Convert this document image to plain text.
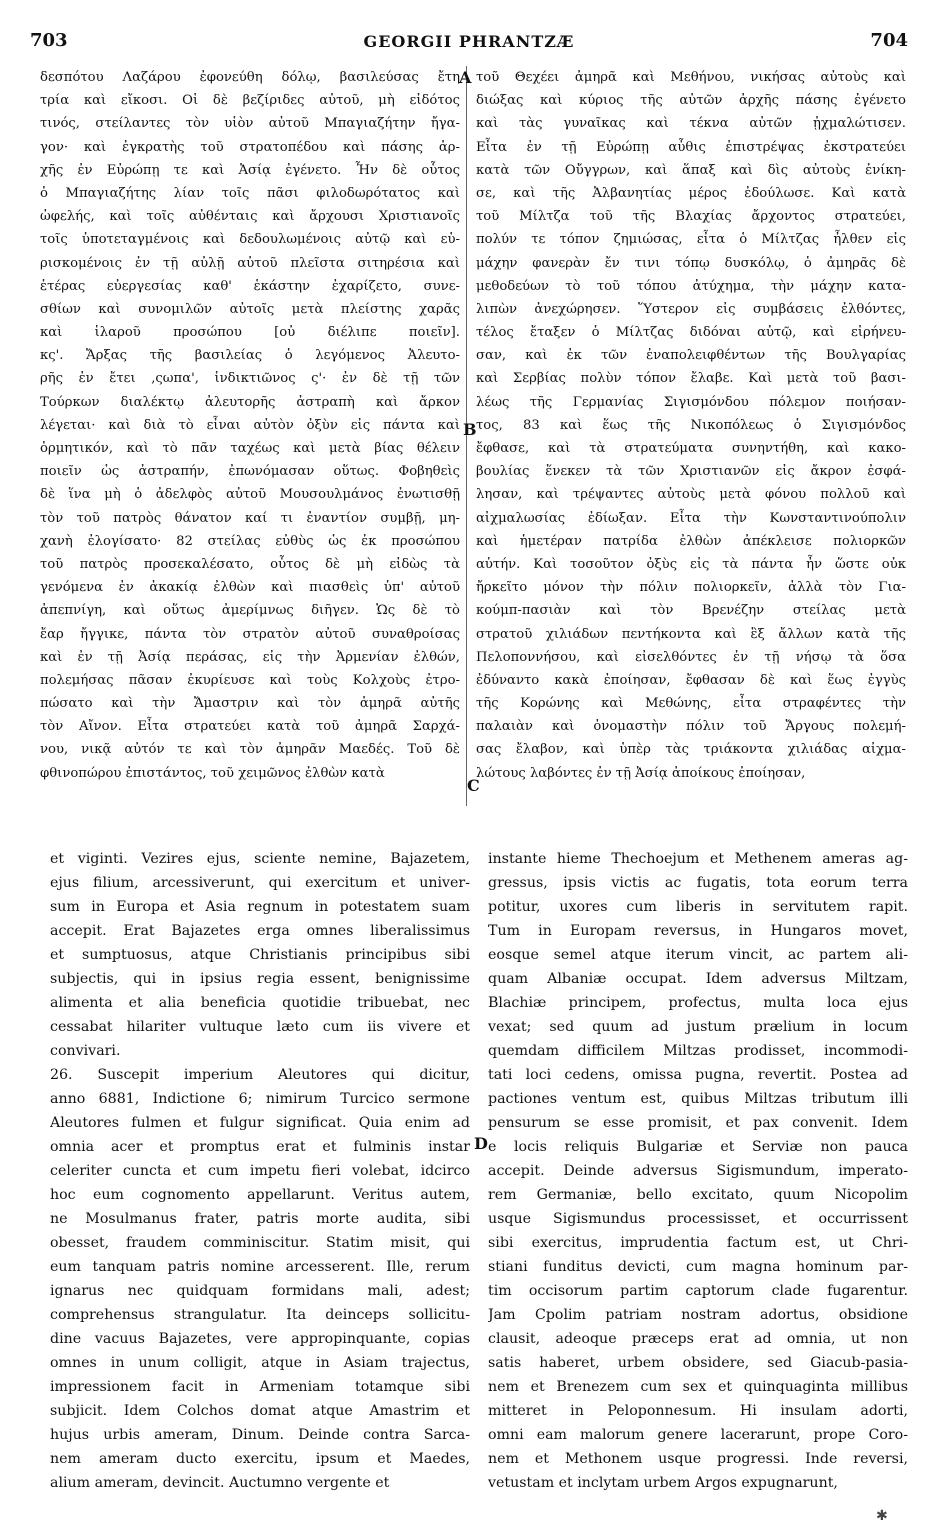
703	GEORGII PHRANTZÆ	704
δεσπότου Λαζάρου ἐφονεύθη δόλῳ, βασιλεύσας ἔτη
τρία καὶ εἴκοσι. Οἱ δὲ βεζίριδες αὐτοῦ, μὴ εἰδότος
τινός, στείλαντες τὸν υἱὸν αὐτοῦ Μπαγιαζήτην ἤγα-
γον· καὶ ἐγκρατὴς τοῦ στρατοπέδου καὶ πάσης ἀρ-
χῆς ἐν Εὐρώπῃ τε καὶ Ἀσίᾳ ἐγένετο. Ἦν δὲ οὗτος
ὁ Μπαγιαζήτης λίαν τοῖς πᾶσι φιλοδωρότατος καὶ
ὠφελής, καὶ τοῖς αὐθένταις καὶ ἄρχουσι Χριστιανοῖς
τοῖς ὑποτεταγμένοις καὶ δεδουλωμένοις αὐτῷ καὶ εὑ-
ρισκομένοις ἐν τῇ αὐλῇ αὐτοῦ πλεῖστα σιτηρέσια καὶ
ἑτέρας εὐεργεσίας καθ' ἑκάστην ἐχαρίζετο, συνε-
σθίων καὶ συνομιλῶν αὐτοῖς μετὰ πλείστης χαρᾶς
καὶ ἱλαροῦ προσώπου [οὐ διέλιπε ποιεῖν].
κς'. Ἄρξας τῆς βασιλείας ὁ λεγόμενος Ἀλευτο-
ρῆς ἐν ἔτει ,ςωπα', ἰνδικτιῶνος ς'· ἐν δὲ τῇ τῶν
Τούρκων διαλέκτῳ ἀλευτορῆς ἀστραπὴ καὶ ἄρκον
λέγεται· καὶ διὰ τὸ εἶναι αὐτὸν ὀξὺν εἰς πάντα καὶ
ὁρμητικόν, καὶ τὸ πᾶν ταχέως καὶ μετὰ βίας θέλειν
ποιεῖν ὡς ἀστραπήν, ἐπωνόμασαν οὕτως. Φοβηθεὶς
δὲ ἵνα μὴ ὁ ἀδελφὸς αὐτοῦ Μουσουλμάνος ἐνωτισθῇ
τὸν τοῦ πατρὸς θάνατον καί τι ἐναντίον συμβῇ, μη-
χανὴ ἐλογίσατο· 82 στείλας εὐθὺς ὡς ἐκ προσώπου
τοῦ πατρὸς προσεκαλέσατο, οὗτος δὲ μὴ εἰδὼς τὰ
γενόμενα ἐν ἀκακίᾳ ἐλθὼν καὶ πιασθεὶς ὑπ' αὐτοῦ
ἀπεπνίγη, καὶ οὕτως ἀμερίμνως διῆγεν. Ὡς δὲ τὸ
ἔαρ ἤγγικε, πάντα τὸν στρατὸν αὐτοῦ συναθροίσας
καὶ ἐν τῇ Ἀσίᾳ περάσας, εἰς τὴν Ἀρμενίαν ἐλθών,
πολεμήσας πᾶσαν ἐκυρίευσε καὶ τοὺς Κολχοὺς ἐτρο-
πώσατο καὶ τὴν Ἄμαστριν καὶ τὸν ἀμηρᾶ αὐτῆς
τὸν Αἴνον. Εἶτα στρατεύει κατὰ τοῦ ἀμηρᾶ Σαρχά-
νου, νικᾷ αὐτόν τε καὶ τὸν ἀμηρᾶν Μαεδές. Τοῦ δὲ
φθινοπώρου ἐπιστάντος, τοῦ χειμῶνος ἐλθὼν κατὰ
τοῦ Θεχέει ἀμηρᾶ καὶ Μεθήνου, νικήσας αὐτοὺς καὶ
διώξας καὶ κύριος τῆς αὐτῶν ἀρχῆς πάσης ἐγένετο
καὶ τὰς γυναῖκας καὶ τέκνα αὐτῶν ᾐχμαλώτισεν.
Εἶτα ἐν τῇ Εὐρώπῃ αὖθις ἐπιστρέψας ἐκστρατεύει
κατὰ τῶν Οὔγγρων, καὶ ἅπαξ καὶ δὶς αὐτοὺς ἐνίκη-
σε, καὶ τῆς Ἀλβανητίας μέρος ἐδούλωσε. Καὶ κατὰ
τοῦ Μίλτζα τοῦ τῆς Βλαχίας ἄρχοντος στρατεύει,
πολύν τε τόπον ζημιώσας, εἶτα ὁ Μίλτζας ἦλθεν εἰς
μάχην φανερὰν ἔν τινι τόπῳ δυσκόλῳ, ὁ ἀμηρᾶς δὲ
μεθοδεύων τὸ τοῦ τόπου ἀτύχημα, τὴν μάχην κατα-
λιπὼν ἀνεχώρησεν. Ὕστερον εἰς συμβάσεις ἐλθόντες,
τέλος ἔταξεν ὁ Μίλτζας διδόναι αὐτῷ, καὶ εἰρήνευ-
σαν, καὶ ἐκ τῶν ἐναπολειφθέντων τῆς Βουλγαρίας
καὶ Σερβίας πολὺν τόπον ἔλαβε. Καὶ μετὰ τοῦ βασι-
λέως τῆς Γερμανίας Σιγισμόνδου πόλεμον ποιήσαν-
τος, 83 καὶ ἕως τῆς Νικοπόλεως ὁ Σιγισμόνδος
ἔφθασε, καὶ τὰ στρατεύματα συνηντήθη, καὶ κακο-
βουλίας ἕνεκεν τὰ τῶν Χριστιανῶν εἰς ἄκρον ἐσφά-
λησαν, καὶ τρέψαντες αὐτοὺς μετὰ φόνου πολλοῦ καὶ
αἰχμαλωσίας ἐδίωξαν. Εἶτα τὴν Κωνσταντινούπολιν
καὶ ἡμετέραν πατρίδα ἐλθὼν ἀπέκλεισε πολιορκῶν
αὐτήν. Καὶ τοσοῦτον ὀξὺς εἰς τὰ πάντα ἦν ὥστε οὐκ
ἤρκεῖτο μόνον τὴν πόλιν πολιορκεῖν, ἀλλὰ τὸν Για-
κούμπ-πασιὰν καὶ τὸν Βρενέζην στείλας μετὰ
στρατοῦ χιλιάδων πεντήκοντα καὶ ἓξ ἄλλων κατὰ τῆς
Πελοποννήσου, καὶ εἰσελθόντες ἐν τῇ νήσῳ τὰ ὅσα
ἐδύναντο κακὰ ἐποίησαν, ἔφθασαν δὲ καὶ ἕως ἐγγὺς
τῆς Κορώνης καὶ Μεθώνης, εἶτα στραφέντες τὴν
παλαιὰν καὶ ὀνομαστὴν πόλιν τοῦ Ἄργους πολεμή-
σας ἔλαβον, καὶ ὑπὲρ τὰς τριάκοντα χιλιάδας αἰχμα-
λώτους λαβόντες ἐν τῇ Ἀσίᾳ ἀποίκους ἐποίησαν,
et viginti. Vezires ejus, sciente nemine, Bajazetem,
ejus filium, arcessiverunt, qui exercitum et univer-
sum in Europa et Asia regnum in potestatem suam
accepit. Erat Bajazetes erga omnes liberalissimus
et sumptuosus, atque Christianis principibus sibi
subjectis, qui in ipsius regia essent, benignissime
alimenta et alia beneficia quotidie tribuebat, nec
cessabat hilariter vultuque læto cum iis vivere et
convivari.
26. Suscepit imperium Aleutores qui dicitur,
anno 6881, Indictione 6; nimirum Turcico sermone
Aleutores fulmen et fulgur significat. Quia enim ad
omnia acer et promptus erat et fulminis instar
celeriter cuncta et cum impetu fieri volebat, idcirco
hoc eum cognomento appellarunt. Veritus autem,
ne Mosulmanus frater, patris morte audita, sibi
obesset, fraudem comminiscitur. Statim misit, qui
eum tanquam patris nomine arcesserent. Ille, rerum
ignarus nec quidquam formidans mali, adest;
comprehensus strangulatur. Ita deinceps sollicitu-
dine vacuus Bajazetes, vere appropinquante, copias
omnes in unum colligit, atque in Asiam trajectus,
impressionem facit in Armeniam totamque sibi
subjicit. Idem Colchos domat atque Amastrim et
hujus urbis ameram, Dinum. Deinde contra Sarca-
nem ameram ducto exercitu, ipsum et Maedes,
alium ameram, devincit. Auctumno vergente et
instante hieme Thechoejum et Methenem ameras ag-
gressus, ipsis victis ac fugatis, tota eorum terra
potitur, uxores cum liberis in servitutem rapit.
Tum in Europam reversus, in Hungaros movet,
eosque semel atque iterum vincit, ac partem ali-
quam Albaniæ occupat. Idem adversus Miltzam,
Blachiæ principem, profectus, multa loca ejus
vexat; sed quum ad justum prælium in locum
quemdam difficilem Miltzas prodisset, incommodi-
tati loci cedens, omissa pugna, revertit. Postea ad
pactiones ventum est, quibus Miltzas tributum illi
pensurum se esse promisit, et pax convenit. Idem
e locis reliquis Bulgariæ et Serviæ non pauca
accepit. Deinde adversus Sigismundum, imperato-
rem Germaniæ, bello excitato, quum Nicopolim
usque Sigismundus processisset, et occurrissent
sibi exercitus, imprudentia factum est, ut Chri-
stiani funditus devicti, cum magna hominum par-
tim occisorum partim captorum clade fugarentur.
Jam Cpolim patriam nostram adortus, obsidione
clausit, adeoque præceps erat ad omnia, ut non
satis haberet, urbem obsidere, sed Giacub-pasia-
nem et Brenezem cum sex et quinquaginta millibus
mitteret in Peloponnesum. Hi insulam adorti,
omni eam malorum genere lacerarunt, prope Coro-
nem et Methonem usque progressi. Inde reversi,
vetustam et inclytam urbem Argos expugnarunt,
A
B
C
D
✱
